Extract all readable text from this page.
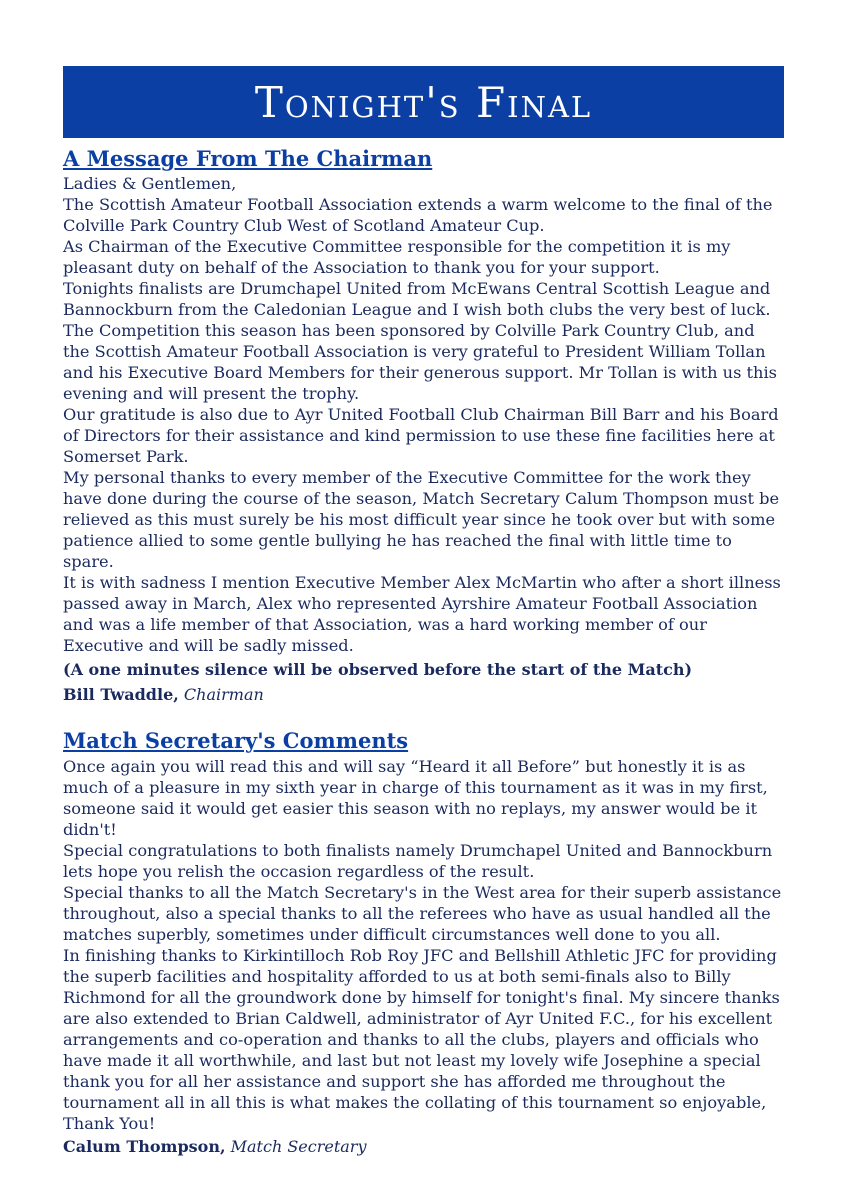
Tonight's Final
A Message From The Chairman

Ladies & Gentlemen,

The Scottish Amateur Football Association extends a warm welcome to the final of the Colville Park Country Club West of Scotland Amateur Cup.

As Chairman of the Executive Committee responsible for the competition it is my pleasant duty on behalf of the Association to thank you for your support.

Tonights finalists are Drumchapel United from McEwans Central Scottish League and Bannockburn from the Caledonian League and I wish both clubs the very best of luck.

The Competition this season has been sponsored by Colville Park Country Club, and the Scottish Amateur Football Association is very grateful to President William Tollan and his Executive Board Members for their generous support. Mr Tollan is with us this evening and will present the trophy.

Our gratitude is also due to Ayr United Football Club Chairman Bill Barr and his Board of Directors for their assistance and kind permission to use these fine facilities here at Somerset Park.

My personal thanks to every member of the Executive Committee for the work they have done during the course of the season, Match Secretary Calum Thompson must be relieved as this must surely be his most difficult year since he took over but with some patience allied to some gentle bullying he has reached the final with little time to spare.

It is with sadness I mention Executive Member Alex McMartin who after a short illness passed away in March, Alex who represented Ayrshire Amateur Football Association and was a life member of that Association, was a hard working member of our Executive and will be sadly missed.

(A one minutes silence will be observed before the start of the Match)

Bill Twaddle, Chairman

Match Secretary's Comments

Once again you will read this and will say “Heard it all Before” but honestly it is as much of a pleasure in my sixth year in charge of this tournament as it was in my first, someone said it would get easier this season with no replays, my answer would be it didn't!

Special congratulations to both finalists namely Drumchapel United and Bannockburn lets hope you relish the occasion regardless of the result.

Special thanks to all the Match Secretary's in the West area for their superb assistance throughout, also a special thanks to all the referees who have as usual handled all the matches superbly, sometimes under difficult circumstances well done to you all.

In finishing thanks to Kirkintilloch Rob Roy JFC and Bellshill Athletic JFC for providing the superb facilities and hospitality afforded to us at both semi-finals also to Billy Richmond for all the groundwork done by himself for tonight's final. My sincere thanks are also extended to Brian Caldwell, administrator of Ayr United F.C., for his excellent arrangements and co-operation and thanks to all the clubs, players and officials who have made it all worthwhile, and last but not least my lovely wife Josephine a special thank you for all her assistance and support she has afforded me throughout the tournament all in all this is what makes the collating of this tournament so enjoyable, Thank You!

Calum Thompson, Match Secretary
